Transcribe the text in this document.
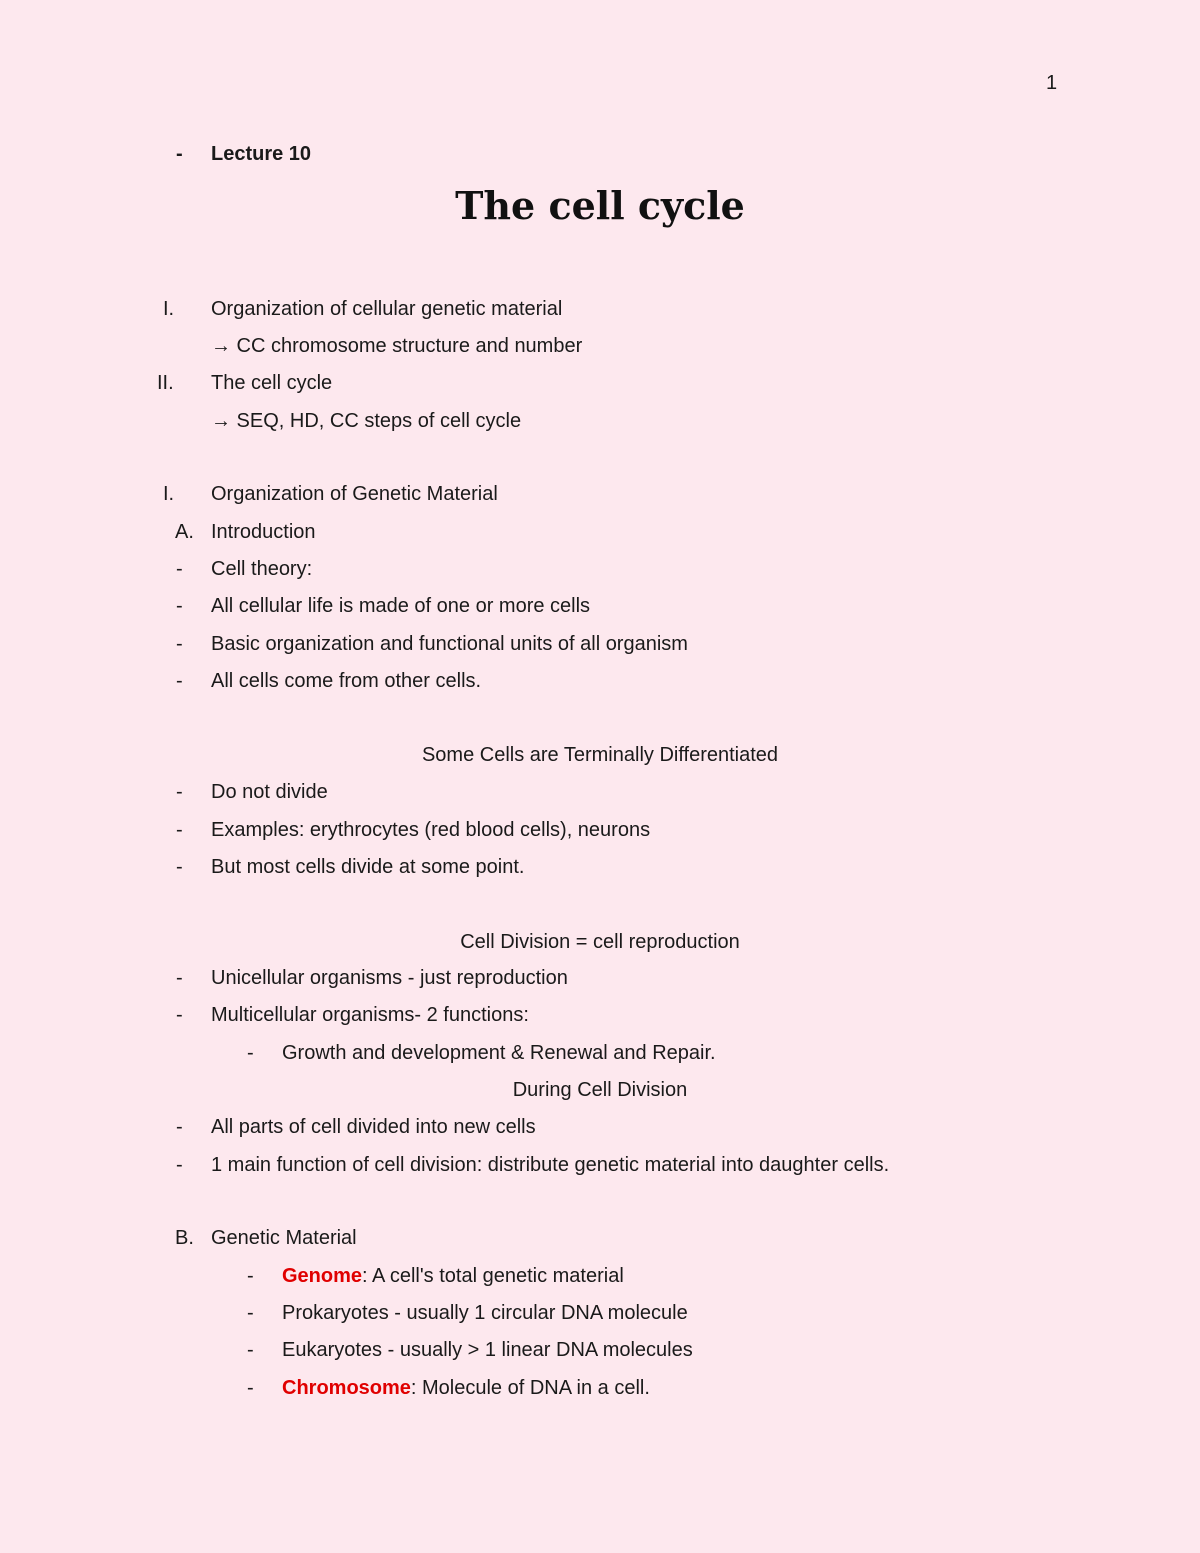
1
- Lecture 10
The cell cycle
I. Organization of cellular genetic material
→ CC chromosome structure and number
II. The cell cycle
→ SEQ, HD, CC steps of cell cycle
I. Organization of Genetic Material
A. Introduction
- Cell theory:
- All cellular life is made of one or more cells
- Basic organization and functional units of all organism
- All cells come from other cells.
Some Cells are Terminally Differentiated
- Do not divide
- Examples: erythrocytes (red blood cells), neurons
- But most cells divide at some point.
Cell Division = cell reproduction
- Unicellular organisms - just reproduction
- Multicellular organisms- 2 functions:
- Growth and development & Renewal and Repair.
During Cell Division
- All parts of cell divided into new cells
- 1 main function of cell division: distribute genetic material into daughter cells.
B. Genetic Material
- Genome: A cell's total genetic material
- Prokaryotes - usually 1 circular DNA molecule
- Eukaryotes - usually > 1 linear DNA molecules
- Chromosome: Molecule of DNA in a cell.
